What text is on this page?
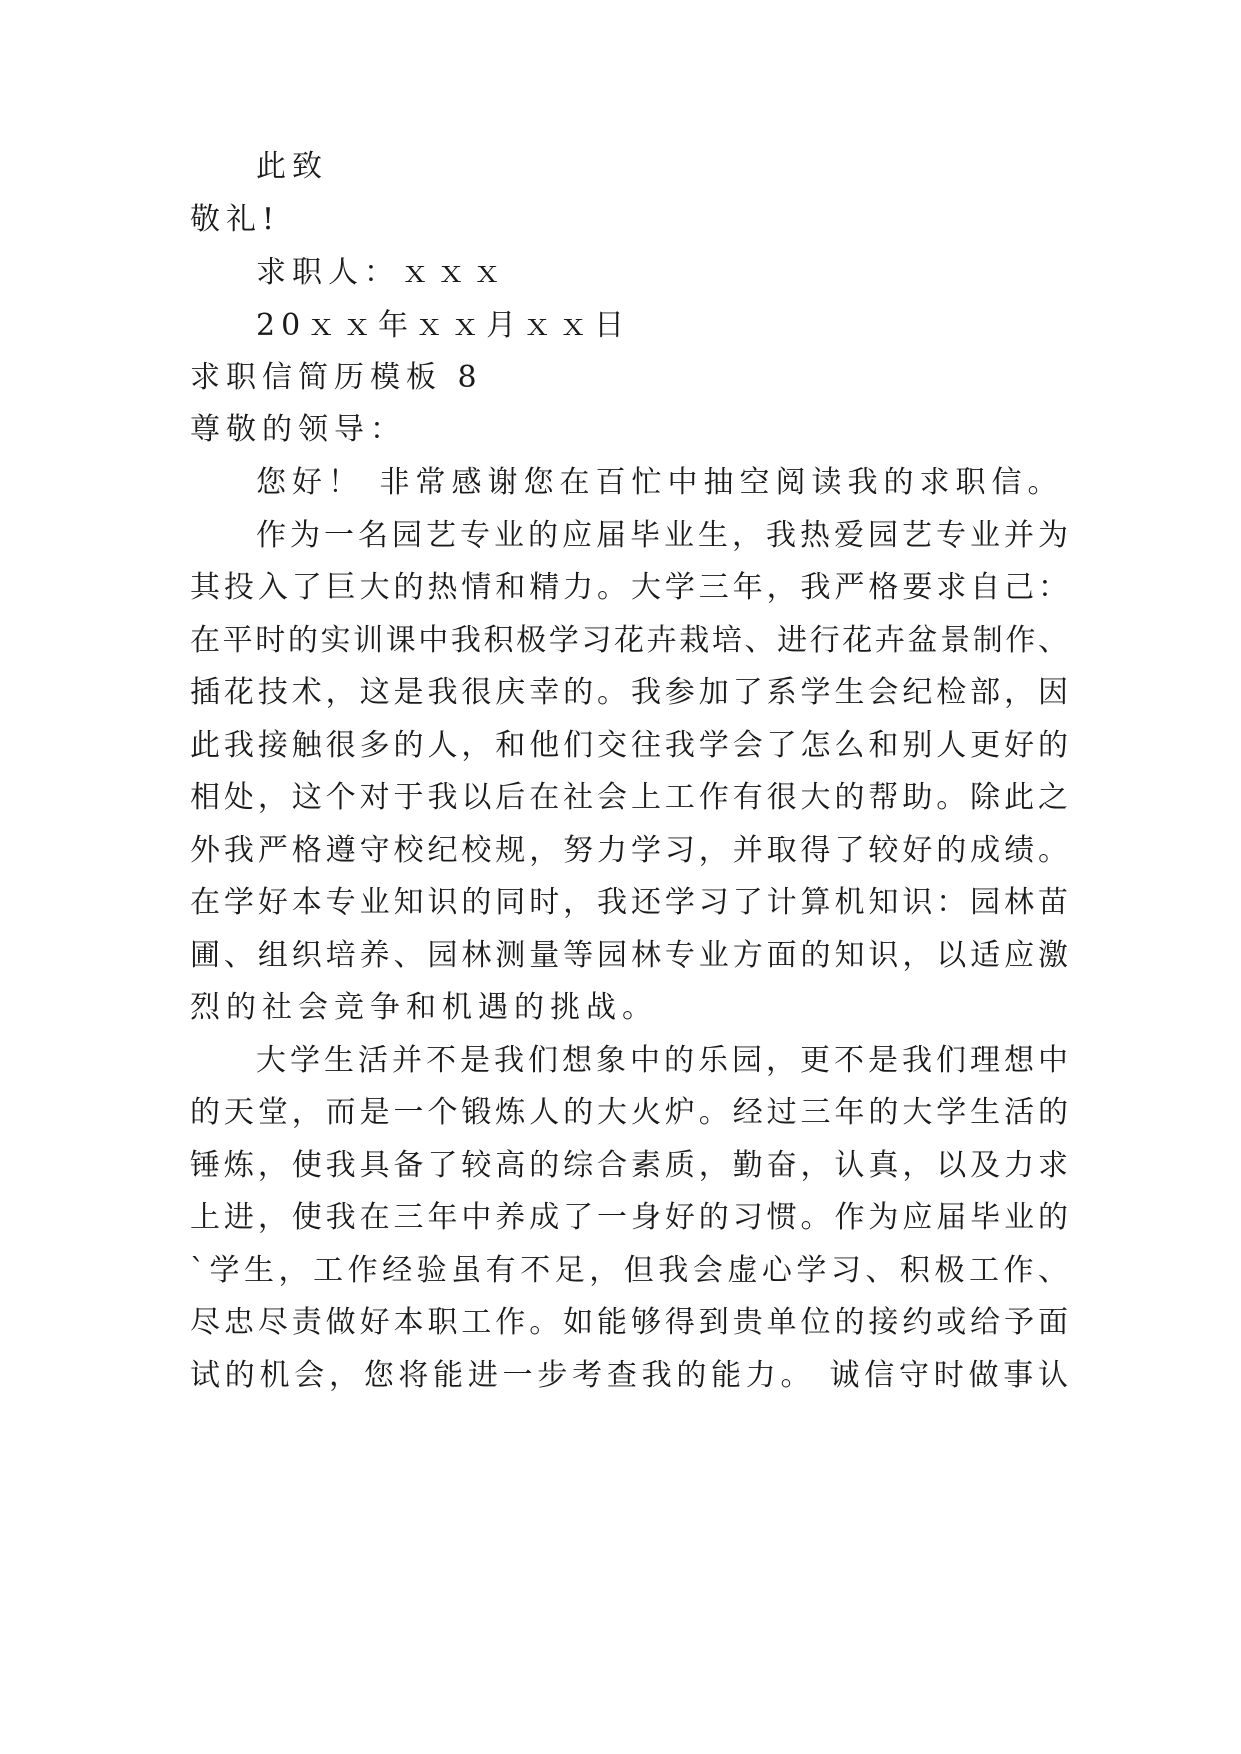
此致
敬礼!
求职人：ｘｘｘ
20ｘｘ年ｘｘ月ｘｘ日
求职信简历模板 8
尊敬的领导：
您好！ 非常感谢您在百忙中抽空阅读我的求职信。
作为一名园艺专业的应届毕业生，我热爱园艺专业并为
其投入了巨大的热情和精力。大学三年，我严格要求自己：
在平时的实训课中我积极学习花卉栽培、进行花卉盆景制作、
插花技术，这是我很庆幸的。我参加了系学生会纪检部，因
此我接触很多的人，和他们交往我学会了怎么和别人更好的
相处，这个对于我以后在社会上工作有很大的帮助。除此之
外我严格遵守校纪校规，努力学习，并取得了较好的成绩。
在学好本专业知识的同时，我还学习了计算机知识：园林苗
圃、组织培养、园林测量等园林专业方面的知识，以适应激
烈的社会竞争和机遇的挑战。
大学生活并不是我们想象中的乐园，更不是我们理想中
的天堂，而是一个锻炼人的大火炉。经过三年的大学生活的
锤炼，使我具备了较高的综合素质，勤奋，认真，以及力求
上进，使我在三年中养成了一身好的习惯。作为应届毕业的
`学生，工作经验虽有不足，但我会虚心学习、积极工作、
尽忠尽责做好本职工作。如能够得到贵单位的接约或给予面
试的机会，您将能进一步考查我的能力。 诚信守时做事认
